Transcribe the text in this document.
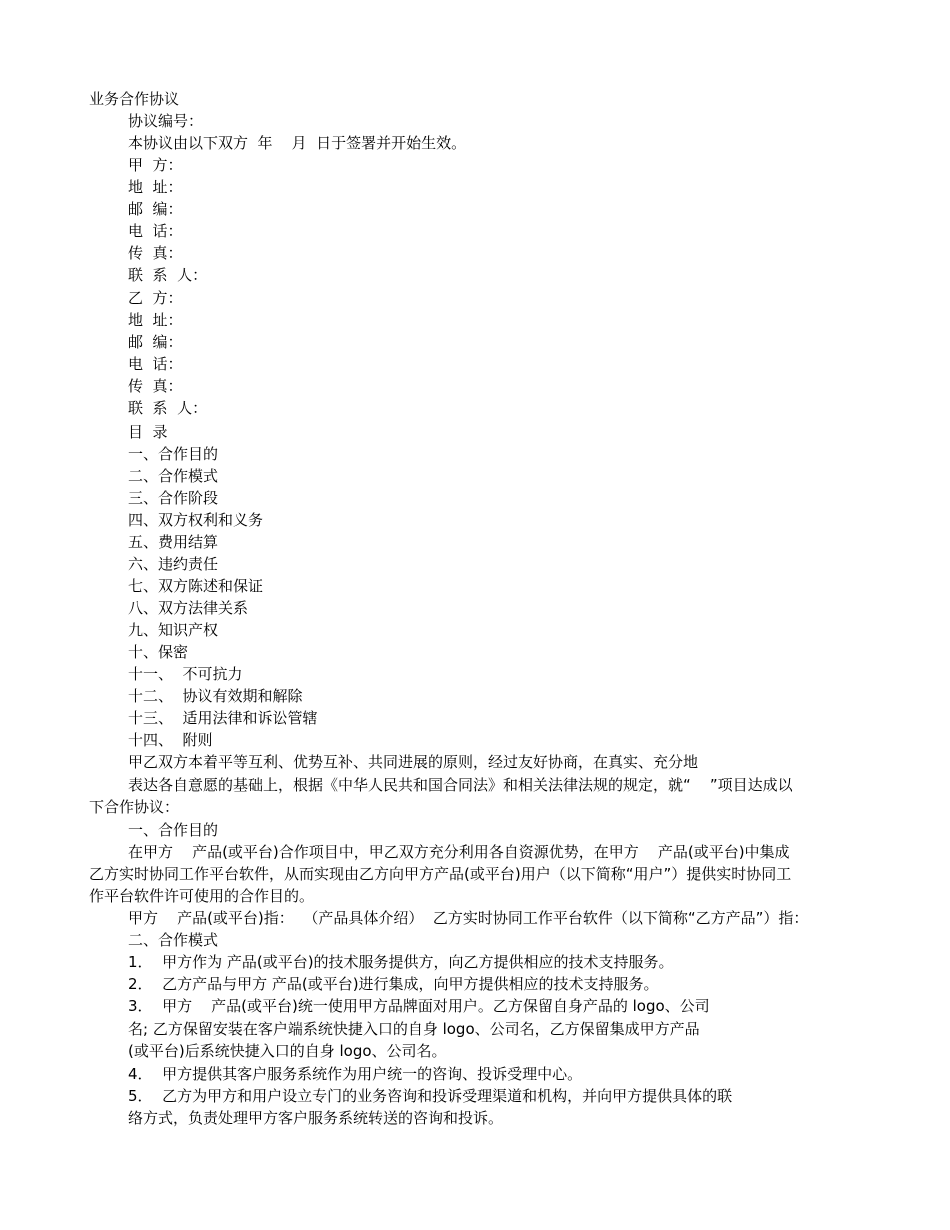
业务合作协议
协议编号：
本协议由以下双方  年    月  日于签署并开始生效。
甲  方：
地  址：
邮  编：
电  话：
传  真：
联  系  人：
乙  方：
地  址：
邮  编：
电  话：
传  真：
联  系  人：
目  录
一、合作目的
二、合作模式
三、合作阶段
四、双方权利和义务
五、费用结算
六、违约责任
七、双方陈述和保证
八、双方法律关系
九、知识产权
十、保密
十一、  不可抗力
十二、  协议有效期和解除
十三、  适用法律和诉讼管辖
十四、  附则
甲乙双方本着平等互利、优势互补、共同进展的原则，经过友好协商，在真实、充分地
表达各自意愿的基础上，根据《中华人民共和国合同法》和相关法律法规的规定，就“    ”项目达成以
下合作协议：
一、合作目的
在甲方    产品(或平台)合作项目中，甲乙双方充分利用各自资源优势，在甲方    产品(或平台)中集成
乙方实时协同工作平台软件，从而实现由乙方向甲方产品(或平台)用户（以下简称“用户”）提供实时协同工
作平台软件许可使用的合作目的。
甲方    产品(或平台)指：  （产品具体介绍）  乙方实时协同工作平台软件（以下简称“乙方产品”）指：
二、合作模式
1．  甲方作为 产品(或平台)的技术服务提供方，向乙方提供相应的技术支持服务。
2．  乙方产品与甲方 产品(或平台)进行集成，向甲方提供相应的技术支持服务。
3．  甲方    产品(或平台)统一使用甲方品牌面对用户。乙方保留自身产品的 logo、公司
名; 乙方保留安装在客户端系统快捷入口的自身 logo、公司名，乙方保留集成甲方产品
(或平台)后系统快捷入口的自身 logo、公司名。
4．  甲方提供其客户服务系统作为用户统一的咨询、投诉受理中心。
5．  乙方为甲方和用户设立专门的业务咨询和投诉受理渠道和机构，并向甲方提供具体的联
络方式，负责处理甲方客户服务系统转送的咨询和投诉。
